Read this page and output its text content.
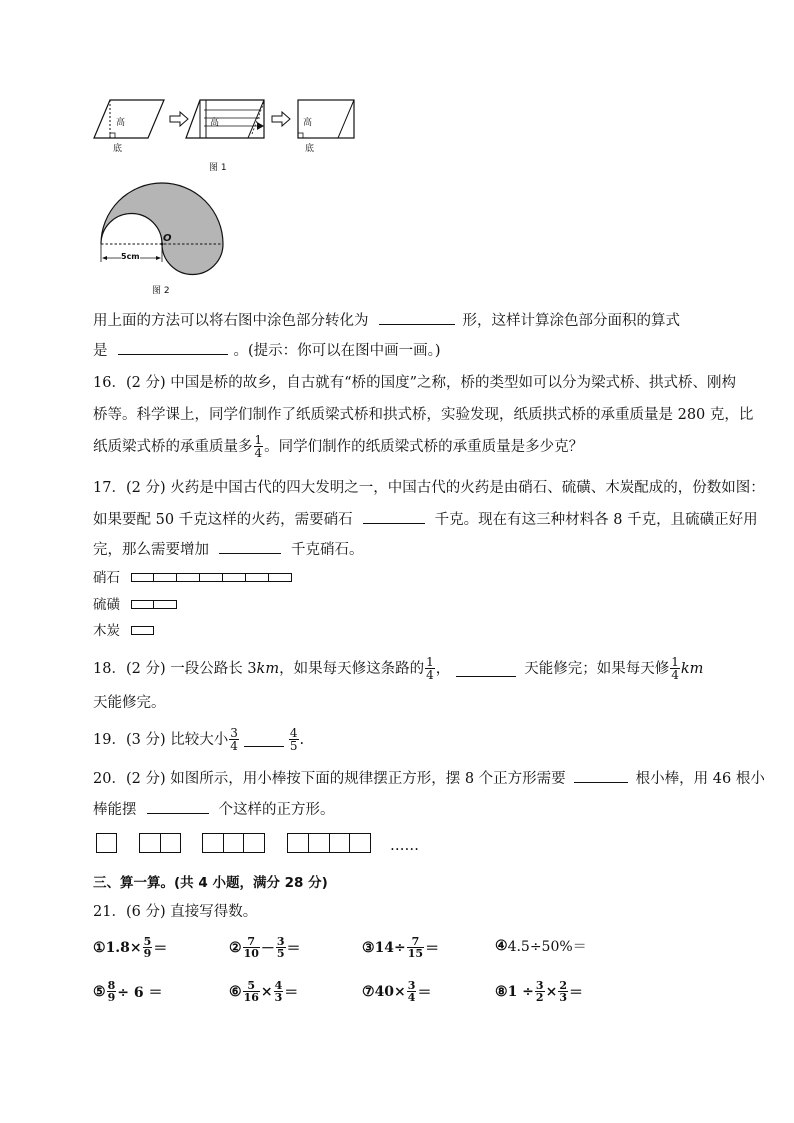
高
底
高	高
底
图 1
O
5cm
图 2
用上面的方法可以将右图中涂色部分转化为	形，这样计算涂色部分面积的算式
是	。(提示：你可以在图中画一画。)
16．(2 分) 中国是桥的故乡，自古就有“桥的国度”之称，桥的类型如可以分为梁式桥、拱式桥、刚构
桥等。科学课上，同学们制作了纸质梁式桥和拱式桥，实验发现，纸质拱式桥的承重质量是 280 克，比
纸质梁式桥的承重质量多 $\frac{1}{4}$ 。同学们制作的纸质梁式桥的承重质量是多少克？
17．(2 分) 火药是中国古代的四大发明之一，中国古代的火药是由硝石、硫磺、木炭配成的，份数如图：
如果要配 50 千克这样的火药，需要硝石	千克。现在有这三种材料各 8 千克，且硫磺正好用
完，那么需要增加	千克硝石。
硝石
硫磺
木炭
18．(2 分) 一段公路长 3 km ，如果每天修这条路的 $\frac{1}{4}$ ，	天能修完；如果每天修 $\frac{1}{4}$ km
天能修完。
19．(3 分) 比较大小 $\frac{3}{4}$	$\frac{4}{5}$ .
20．(2 分) 如图所示，用小棒按下面的规律摆正方形，摆 8 个正方形需要	根小棒，用 46 根小
棒能摆	个这样的正方形。
……
三、算一算。(共 4 小题，满分 28 分)
21．(6 分) 直接写得数。
① $1.8\times \frac{5}{9}$ ＝	② $\frac{7}{10} - \frac{3}{5}$ ＝	③ $14\div \frac{7}{15}$ ＝	④ 4.5÷50%＝
⑤ $\frac{8}{9} \div 6$ ＝	⑥ $\frac{5}{16} \times \frac{4}{3}$ ＝	⑦ $40\times \frac{3}{4}$ ＝	⑧ $1 \div \frac{3}{2} \times \frac{2}{3}$ ＝
